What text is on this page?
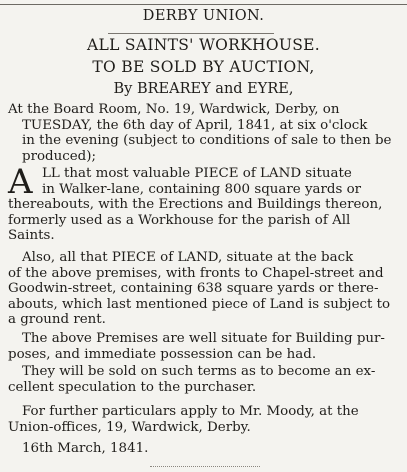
DERBY UNION.
ALL SAINTS' WORKHOUSE.
TO BE SOLD BY AUCTION,
By BREAREY and EYRE,
At the Board Room, No. 19, Wardwick, Derby, on
TUESDAY, the 6th day of April, 1841, at six o'clock
in the evening (subject to conditions of sale to then be
produced);
A LL that most valuable PIECE of LAND situate
in Walker-lane, containing 800 square yards or
thereabouts, with the Erections and Buildings thereon,
formerly used as a Workhouse for the parish of All
Saints.
Also, all that PIECE of LAND, situate at the back
of the above premises, with fronts to Chapel-street and
Goodwin-street, containing 638 square yards or there-
abouts, which last mentioned piece of Land is subject to
a ground rent.
The above Premises are well situate for Building pur-
poses, and immediate possession can be had.
They will be sold on such terms as to become an ex-
cellent speculation to the purchaser.
For further particulars apply to Mr. Moody, at the
Union-offices, 19, Wardwick, Derby.
16th March, 1841.
